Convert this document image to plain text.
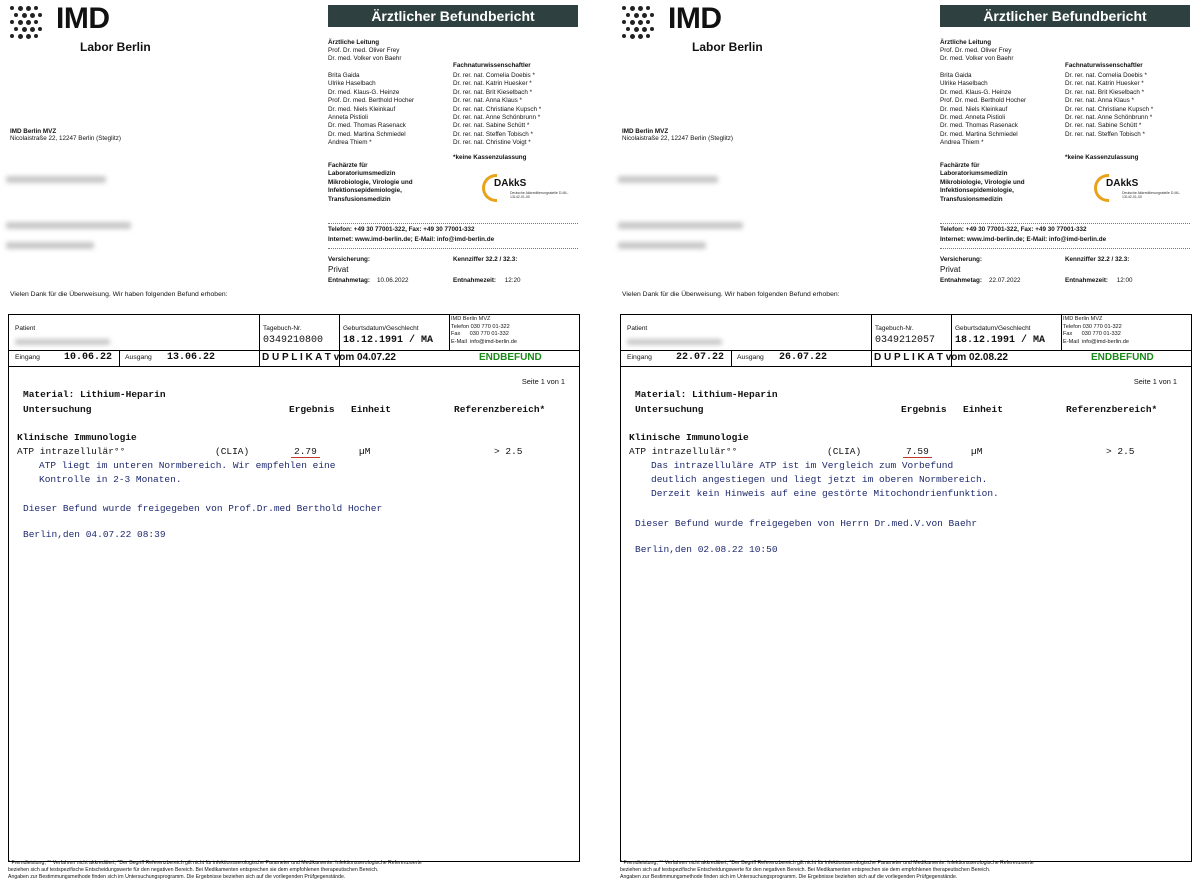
IMD
Labor Berlin
Ärztlicher Befundbericht
Ärztliche Leitung
Prof. Dr. med. Oliver Frey
Dr. med. Volker von Baehr
Fachnaturwissenschaftler
Dr. rer. nat. Cornelia Doebis *
Dr. rer. nat. Katrin Huesker *
Dr. rer. nat. Brit Kieselbach *
Dr. rer. nat. Anna Klaus *
Dr. rer. nat. Christiane Kupsch *
Dr. rer. nat. Anne Schönbrunn *
Dr. rer. nat. Sabine Schütt *
Dr. rer. nat. Steffen Tobisch *
Dr. rer. nat. Christine Voigt *
*keine Kassenzulassung
Brita Gaida
Ulrike Haselbach
Dr. med. Klaus-G. Heinze
Prof. Dr. med. Berthold Hocher
Dr. med. Niels Kleinkauf
Anneta Pistioli
Dr. med. Thomas Rasenack
Dr. med. Martina Schmiedel
Andrea Thiem *
IMD Berlin MVZ
Nicolaistraße 22, 12247 Berlin (Steglitz)
Fachärzte für
Laboratoriumsmedizin
Mikrobiologie, Virologie und
Infektionsepidemiologie,
Transfusionsmedizin
DAkkS
Deutsche Akkreditierungsstelle D-ML-13142-01-00
Telefon: +49 30 77001-322, Fax: +49 30 77001-332
Internet: www.imd-berlin.de; E-Mail: info@imd-berlin.de
Versicherung:
Privat
Kennziffer 32.2 / 32.3:
Entnahmetag: 10.06.2022	Entnahmezeit: 12:20
Vielen Dank für die Überweisung. Wir haben folgenden Befund erhoben:
Patient	Tagebuch-Nr.
0349210800
Geburtsdatum/Geschlecht
18.12.1991 / MA
IMD Berlin MVZ
Telefon 030 770 01-322
Fax      030 770 01-332
E-Mail  info@imd-berlin.de
Eingang 10.06.22 Ausgang 13.06.22	D U P L I K A T vom 04.07.22	ENDBEFUND
Seite 1 von 1
Material: Lithium-Heparin
Untersuchung	Ergebnis Einheit	Referenzbereich*
Klinische Immunologie
ATP intrazellulär°°	(CLIA)	2.79	µM	> 2.5
ATP liegt im unteren Normbereich. Wir empfehlen eine
Kontrolle in 2-3 Monaten.
Dieser Befund wurde freigegeben von Prof.Dr.med Berthold Hocher
Berlin,den 04.07.22 08:39
* Fremdleistung, °° Verfahren nicht akkreditiert, *Der Begriff Referenzbereich gilt nicht für infektionsserologische Parameter und Medikamente. Infektionsserologische Referenzwerte
beziehen sich auf testspezifische Entscheidungswerte für den negativen Bereich. Bei Medikamenten entsprechen sie dem empfohlenen therapeutischen Bereich.
Angaben zur Bestimmungsmethode finden sich im Untersuchungsprogramm. Die Ergebnisse beziehen sich auf die vorliegenden Prüfgegenstände.
IMD
Labor Berlin
Ärztlicher Befundbericht
Ärztliche Leitung
Prof. Dr. med. Oliver Frey
Dr. med. Volker von Baehr
Fachnaturwissenschaftler
Dr. rer. nat. Cornelia Doebis *
Dr. rer. nat. Katrin Huesker *
Dr. rer. nat. Brit Kieselbach *
Dr. rer. nat. Anna Klaus *
Dr. rer. nat. Christiane Kupsch *
Dr. rer. nat. Anne Schönbrunn *
Dr. rer. nat. Sabine Schütt *
Dr. rer. nat. Steffen Tobisch *
*keine Kassenzulassung
Brita Gaida
Ulrike Haselbach
Dr. med. Klaus-G. Heinze
Prof. Dr. med. Berthold Hocher
Dr. med. Niels Kleinkauf
Dr. med. Anneta Pistioli
Dr. med. Thomas Rasenack
Dr. med. Martina Schmiedel
Andrea Thiem *
IMD Berlin MVZ
Nicolaistraße 22, 12247 Berlin (Steglitz)
Fachärzte für
Laboratoriumsmedizin
Mikrobiologie, Virologie und
Infektionsepidemiologie,
Transfusionsmedizin
DAkkS
Deutsche Akkreditierungsstelle D-ML-13142-01-00
Telefon: +49 30 77001-322, Fax: +49 30 77001-332
Internet: www.imd-berlin.de; E-Mail: info@imd-berlin.de
Versicherung:
Privat
Kennziffer 32.2 / 32.3:
Entnahmetag: 22.07.2022	Entnahmezeit: 12:00
Vielen Dank für die Überweisung. Wir haben folgenden Befund erhoben:
Patient	Tagebuch-Nr.
0349212057
Geburtsdatum/Geschlecht
18.12.1991 / MA
IMD Berlin MVZ
Telefon 030 770 01-322
Fax      030 770 01-332
E-Mail  info@imd-berlin.de
Eingang 22.07.22 Ausgang 26.07.22	D U P L I K A T vom 02.08.22	ENDBEFUND
Seite 1 von 1
Material: Lithium-Heparin
Untersuchung	Ergebnis Einheit	Referenzbereich*
Klinische Immunologie
ATP intrazellulär°°	(CLIA)	7.59	µM	> 2.5
Das intrazelluläre ATP ist im Vergleich zum Vorbefund
deutlich angestiegen und liegt jetzt im oberen Normbereich.
Derzeit kein Hinweis auf eine gestörte Mitochondrienfunktion.
Dieser Befund wurde freigegeben von Herrn Dr.med.V.von Baehr
Berlin,den 02.08.22 10:50
* Fremdleistung, °° Verfahren nicht akkreditiert, *Der Begriff Referenzbereich gilt nicht für infektionsserologische Parameter und Medikamente. Infektionsserologische Referenzwerte
beziehen sich auf testspezifische Entscheidungswerte für den negativen Bereich. Bei Medikamenten entsprechen sie dem empfohlenen therapeutischen Bereich.
Angaben zur Bestimmungsmethode finden sich im Untersuchungsprogramm. Die Ergebnisse beziehen sich auf die vorliegenden Prüfgegenstände.
